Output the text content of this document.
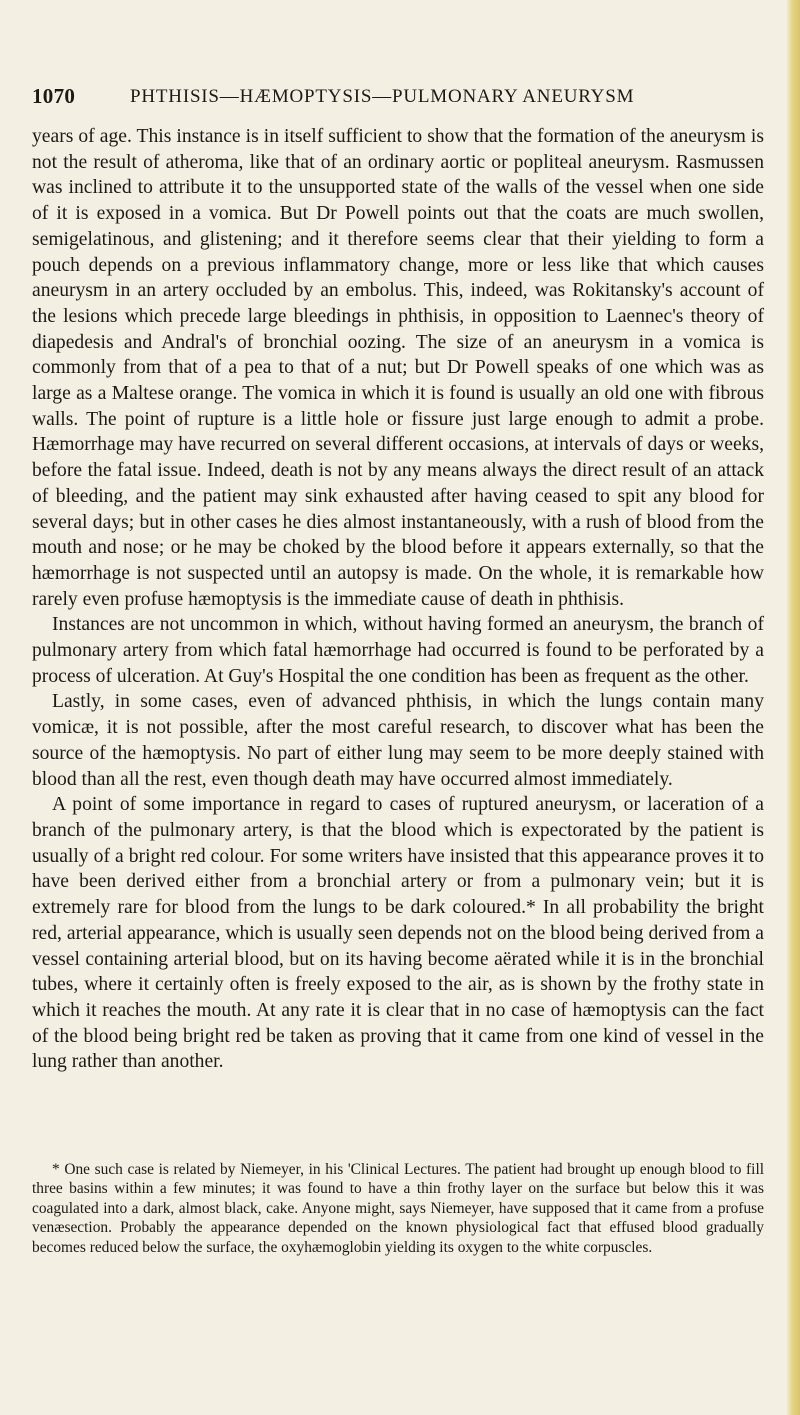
1070	PHTHISIS—HÆMOPTYSIS—PULMONARY ANEURYSM

years of age. This instance is in itself sufficient to show that the formation of the aneurysm is not the result of atheroma, like that of an ordinary aortic or popliteal aneurysm. Rasmussen was inclined to attribute it to the unsupported state of the walls of the vessel when one side of it is exposed in a vomica. But Dr Powell points out that the coats are much swollen, semigelatinous, and glistening; and it therefore seems clear that their yielding to form a pouch depends on a previous inflammatory change, more or less like that which causes aneurysm in an artery occluded by an embolus. This, indeed, was Rokitansky's account of the lesions which precede large bleedings in phthisis, in opposition to Laennec's theory of diapedesis and Andral's of bronchial oozing. The size of an aneurysm in a vomica is commonly from that of a pea to that of a nut; but Dr Powell speaks of one which was as large as a Maltese orange. The vomica in which it is found is usually an old one with fibrous walls. The point of rupture is a little hole or fissure just large enough to admit a probe. Hæmorrhage may have recurred on several different occasions, at intervals of days or weeks, before the fatal issue. Indeed, death is not by any means always the direct result of an attack of bleeding, and the patient may sink exhausted after having ceased to spit any blood for several days; but in other cases he dies almost instantaneously, with a rush of blood from the mouth and nose; or he may be choked by the blood before it appears externally, so that the hæmorrhage is not suspected until an autopsy is made. On the whole, it is remarkable how rarely even profuse hæmoptysis is the immediate cause of death in phthisis.

Instances are not uncommon in which, without having formed an aneurysm, the branch of pulmonary artery from which fatal hæmorrhage had occurred is found to be perforated by a process of ulceration. At Guy's Hospital the one condition has been as frequent as the other.

Lastly, in some cases, even of advanced phthisis, in which the lungs contain many vomicæ, it is not possible, after the most careful research, to discover what has been the source of the hæmoptysis. No part of either lung may seem to be more deeply stained with blood than all the rest, even though death may have occurred almost immediately.

A point of some importance in regard to cases of ruptured aneurysm, or laceration of a branch of the pulmonary artery, is that the blood which is expectorated by the patient is usually of a bright red colour. For some writers have insisted that this appearance proves it to have been derived either from a bronchial artery or from a pulmonary vein; but it is extremely rare for blood from the lungs to be dark coloured.* In all probability the bright red, arterial appearance, which is usually seen depends not on the blood being derived from a vessel containing arterial blood, but on its having become aërated while it is in the bronchial tubes, where it certainly often is freely exposed to the air, as is shown by the frothy state in which it reaches the mouth. At any rate it is clear that in no case of hæmoptysis can the fact of the blood being bright red be taken as proving that it came from one kind of vessel in the lung rather than another.

* One such case is related by Niemeyer, in his 'Clinical Lectures. The patient had brought up enough blood to fill three basins within a few minutes; it was found to have a thin frothy layer on the surface but below this it was coagulated into a dark, almost black, cake. Anyone might, says Niemeyer, have supposed that it came from a profuse venæsection. Probably the appearance depended on the known physiological fact that effused blood gradually becomes reduced below the surface, the oxyhæmoglobin yielding its oxygen to the white corpuscles.
